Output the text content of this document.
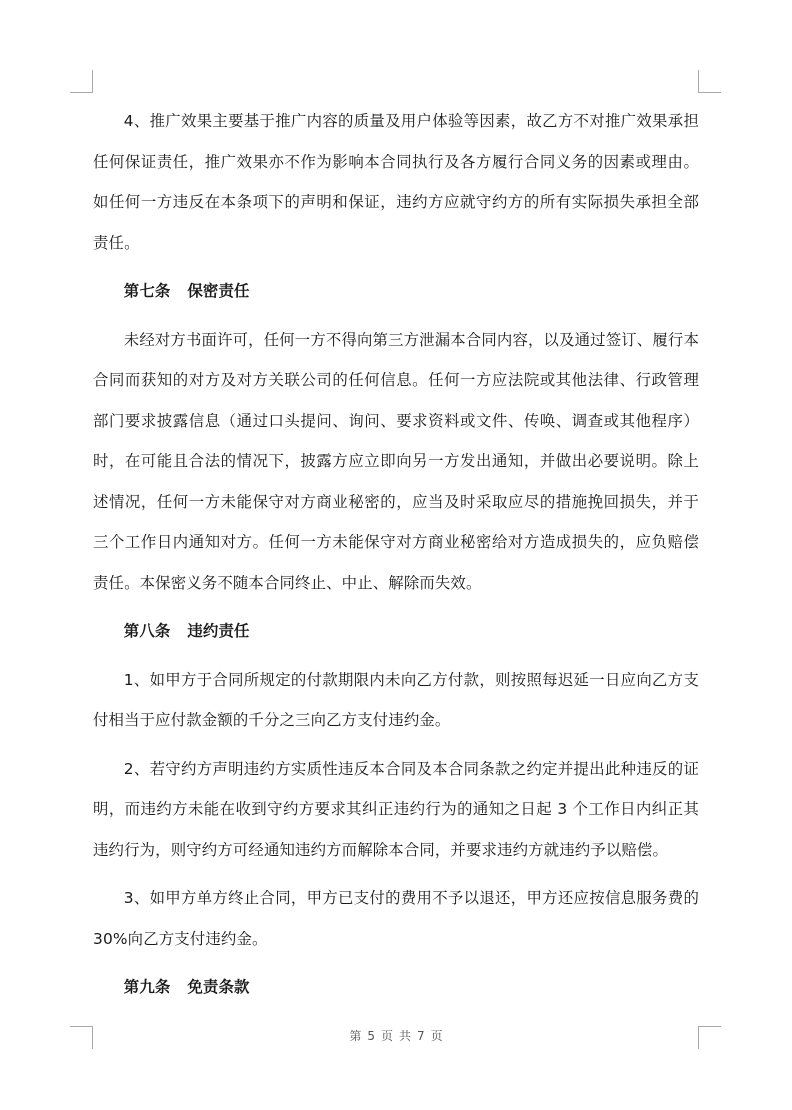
4、推广效果主要基于推广内容的质量及用户体验等因素，故乙方不对推广效果承担任何保证责任，推广效果亦不作为影响本合同执行及各方履行合同义务的因素或理由。如任何一方违反在本条项下的声明和保证，违约方应就守约方的所有实际损失承担全部责任。

第七条 保密责任

未经对方书面许可，任何一方不得向第三方泄漏本合同内容，以及通过签订、履行本合同而获知的对方及对方关联公司的任何信息。任何一方应法院或其他法律、行政管理部门要求披露信息（通过口头提问、询问、要求资料或文件、传唤、调查或其他程序）时，在可能且合法的情况下，披露方应立即向另一方发出通知，并做出必要说明。除上述情况，任何一方未能保守对方商业秘密的，应当及时采取应尽的措施挽回损失，并于三个工作日内通知对方。任何一方未能保守对方商业秘密给对方造成损失的，应负赔偿责任。本保密义务不随本合同终止、中止、解除而失效。

第八条 违约责任

1、如甲方于合同所规定的付款期限内未向乙方付款，则按照每迟延一日应向乙方支付相当于应付款金额的千分之三向乙方支付违约金。

2、若守约方声明违约方实质性违反本合同及本合同条款之约定并提出此种违反的证明，而违约方未能在收到守约方要求其纠正违约行为的通知之日起 3 个工作日内纠正其违约行为，则守约方可经通知违约方而解除本合同，并要求违约方就违约予以赔偿。

3、如甲方单方终止合同，甲方已支付的费用不予以退还，甲方还应按信息服务费的 30%向乙方支付违约金。

第九条 免责条款

第 5 页 共 7 页
